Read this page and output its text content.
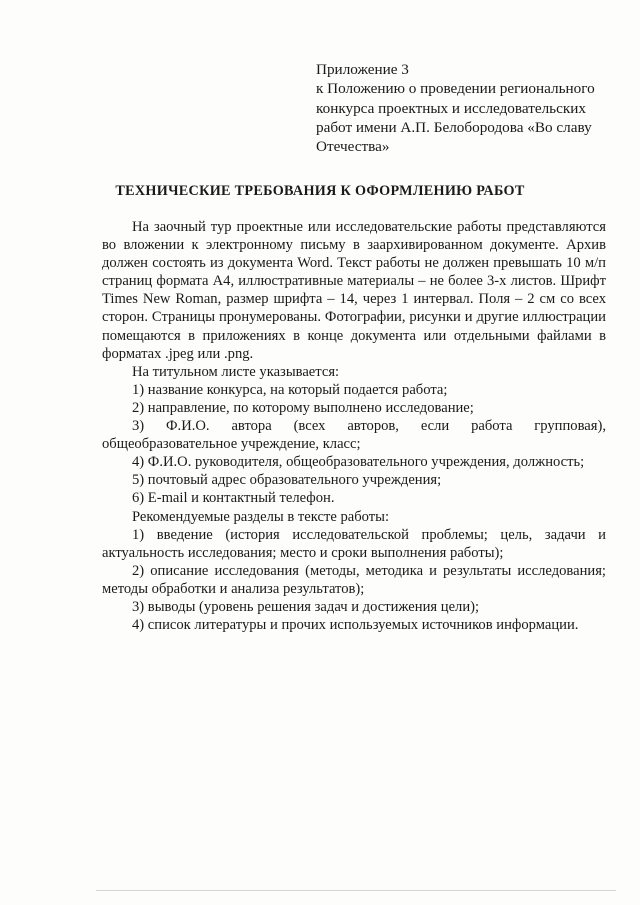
Приложение 3
к Положению о проведении регионального
конкурса проектных и исследовательских
работ имени А.П. Белобородова «Во славу
Отечества»
ТЕХНИЧЕСКИЕ ТРЕБОВАНИЯ К ОФОРМЛЕНИЮ РАБОТ

На заочный тур проектные или исследовательские работы представляются во вложении к электронному письму в заархивированном документе. Архив должен состоять из документа Word. Текст работы не должен превышать 10 м/п страниц формата А4, иллюстративные материалы – не более 3-х листов. Шрифт Times New Roman, размер шрифта – 14, через 1 интервал. Поля – 2 см со всех сторон. Страницы пронумерованы. Фотографии, рисунки и другие иллюстрации помещаются в приложениях в конце документа или отдельными файлами в форматах .jpeg или .png.

На титульном листе указывается:

1) название конкурса, на который подается работа;

2) направление, по которому выполнено исследование;

3) Ф.И.О. автора (всех авторов, если работа групповая), общеобразовательное учреждение, класс;

4) Ф.И.О. руководителя, общеобразовательного учреждения, должность;

5) почтовый адрес образовательного учреждения;

6) E-mail и контактный телефон.

Рекомендуемые разделы в тексте работы:

1) введение (история исследовательской проблемы; цель, задачи и актуальность исследования; место и сроки выполнения работы);

2) описание исследования (методы, методика и результаты исследования; методы обработки и анализа результатов);

3) выводы (уровень решения задач и достижения цели);

4) список литературы и прочих используемых источников информации.
